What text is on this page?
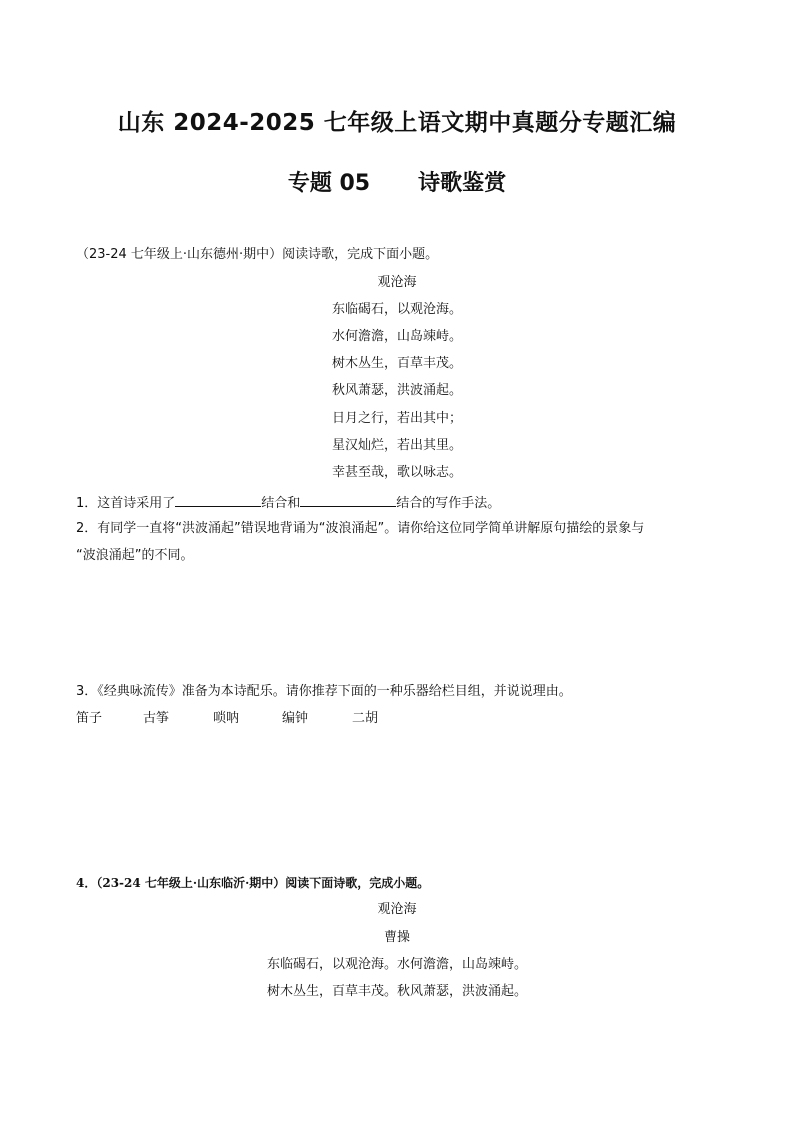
山东 2024-2025 七年级上语文期中真题分专题汇编
专题 05 诗歌鉴赏
（23-24 七年级上·山东德州·期中）阅读诗歌，完成下面小题。
观沧海
东临碣石，以观沧海。
水何澹澹，山岛竦峙。
树木丛生，百草丰茂。
秋风萧瑟，洪波涌起。
日月之行，若出其中；
星汉灿烂，若出其里。
幸甚至哉，歌以咏志。
1．这首诗采用了	结合和	结合的写作手法。
2．有同学一直将“洪波涌起”错误地背诵为“波浪涌起”。请你给这位同学简单讲解原句描绘的景象与
“波浪涌起”的不同。
3．《经典咏流传》准备为本诗配乐。请你推荐下面的一种乐器给栏目组，并说说理由。
笛子	古筝	唢呐	编钟	二胡
4．（23-24 七年级上·山东临沂·期中）阅读下面诗歌，完成小题。
观沧海
曹操
东临碣石，以观沧海。水何澹澹，山岛竦峙。
树木丛生，百草丰茂。秋风萧瑟，洪波涌起。
